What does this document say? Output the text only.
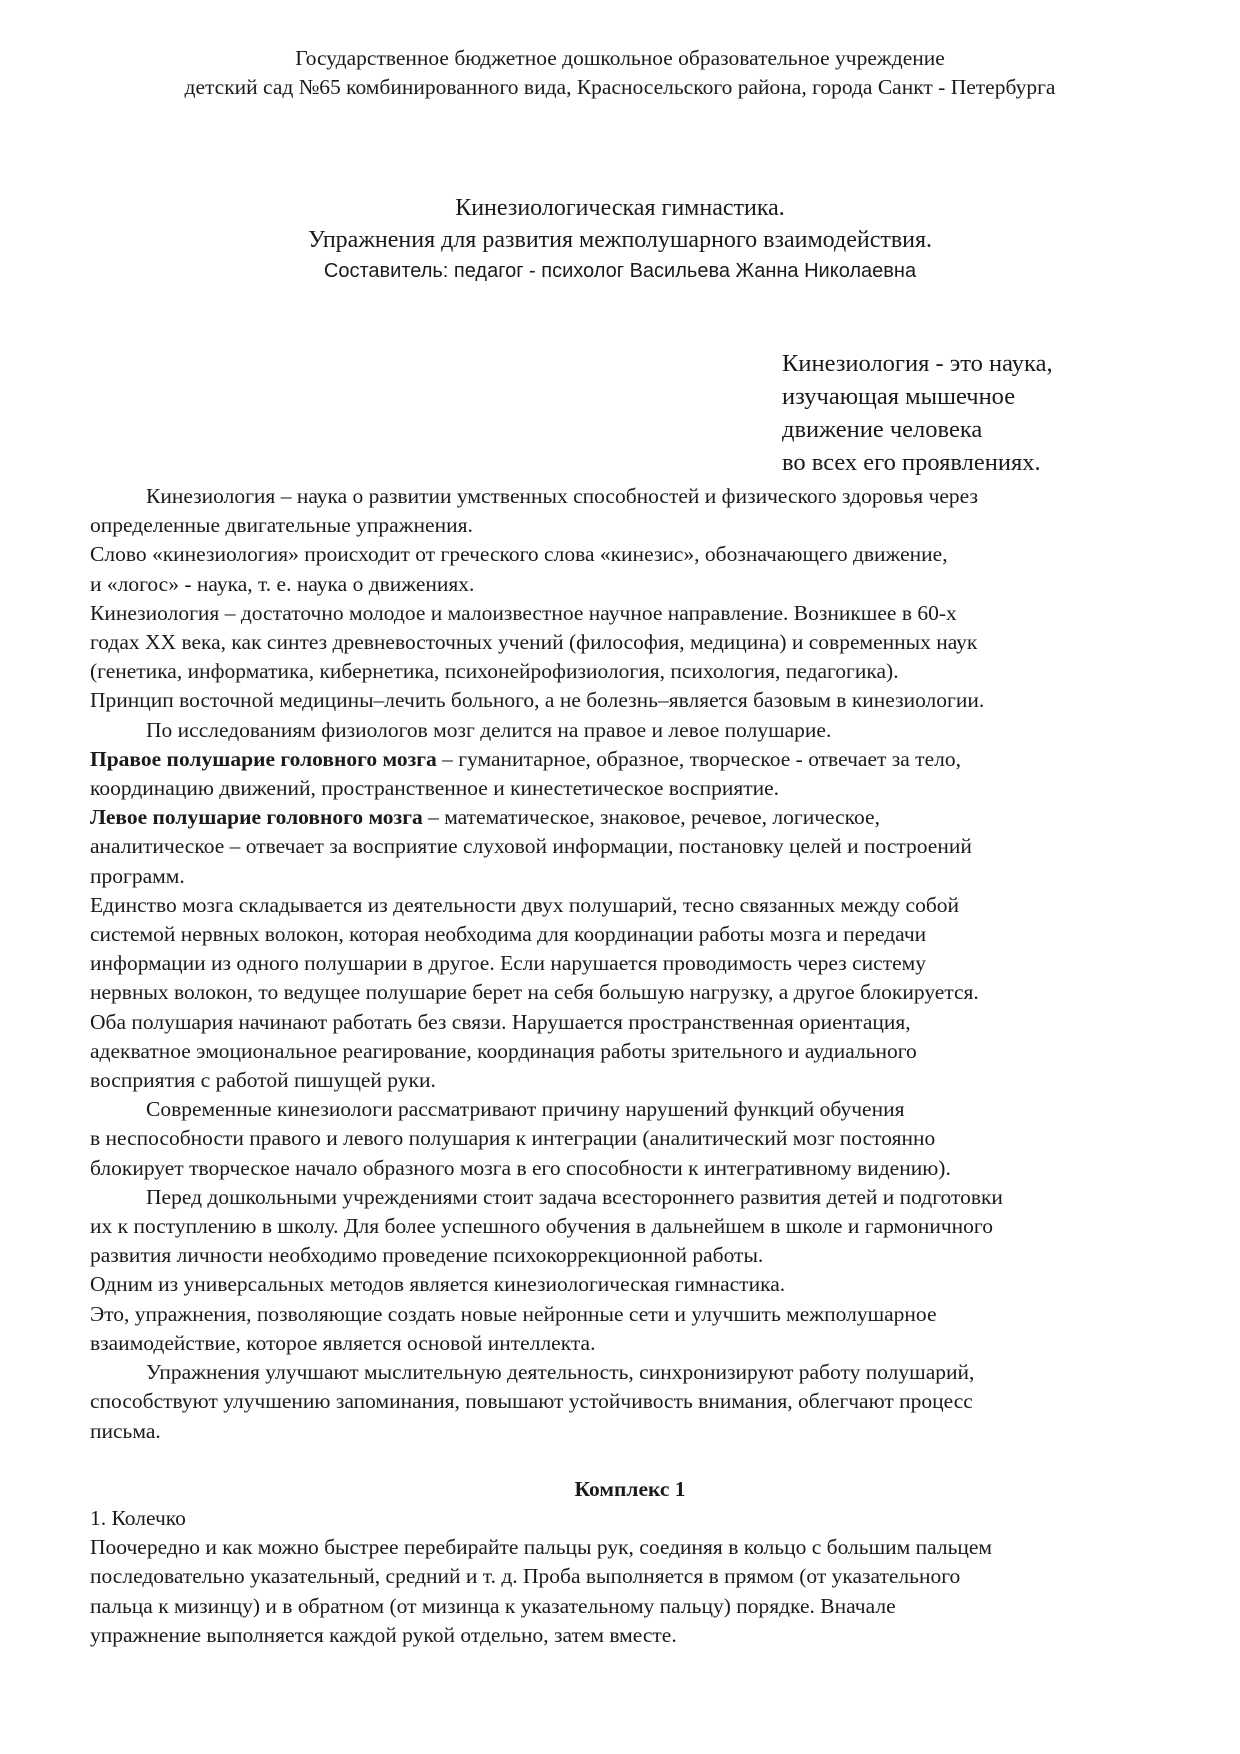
Государственное бюджетное дошкольное образовательное учреждение
детский сад №65 комбинированного вида, Красносельского района, города Санкт - Петербурга
Кинезиологическая гимнастика.
Упражнения для развития межполушарного взаимодействия.
Составитель: педагог - психолог Васильева Жанна Николаевна
Кинезиология - это наука,
изучающая мышечное
движение человека
во всех его проявлениях.

Кинезиология – наука о развитии умственных способностей и физического здоровья через

определенные двигательные упражнения.

Слово «кинезиология» происходит от греческого слова «кинезис», обозначающего движение,

и «логос» - наука, т. е. наука о движениях.

Кинезиология – достаточно молодое и малоизвестное научное направление. Возникшее в 60-х

годах XX века, как синтез древневосточных учений (философия, медицина) и современных наук

(генетика, информатика, кибернетика, психонейрофизиология, психология, педагогика).

Принцип восточной медицины–лечить больного, а не болезнь–является базовым в кинезиологии.

По исследованиям физиологов мозг делится на правое и левое полушарие.

Правое полушарие головного мозга – гуманитарное, образное, творческое - отвечает за тело,

координацию движений, пространственное и кинестетическое восприятие.

Левое полушарие головного мозга – математическое, знаковое, речевое, логическое,

аналитическое – отвечает за восприятие слуховой информации, постановку целей и построений

программ.

Единство мозга складывается из деятельности двух полушарий, тесно связанных между собой

системой нервных волокон, которая необходима для координации работы мозга и передачи

информации из одного полушарии в другое. Если нарушается проводимость через систему

нервных волокон, то ведущее полушарие берет на себя большую нагрузку, а другое блокируется.

Оба полушария начинают работать без связи. Нарушается пространственная ориентация,

адекватное эмоциональное реагирование, координация работы зрительного и аудиального

восприятия с работой пишущей руки.

Современные кинезиологи рассматривают причину нарушений функций обучения

в неспособности правого и левого полушария к интеграции (аналитический мозг постоянно

блокирует творческое начало образного мозга в его способности к интегративному видению).

Перед дошкольными учреждениями стоит задача всестороннего развития детей и подготовки

их к поступлению в школу. Для более успешного обучения в дальнейшем в школе и гармоничного

развития личности необходимо проведение психокоррекционной работы.

Одним из универсальных методов является кинезиологическая гимнастика.

Это, упражнения, позволяющие создать новые нейронные сети и улучшить межполушарное

взаимодействие, которое является основой интеллекта.

Упражнения улучшают мыслительную деятельность, синхронизируют работу полушарий,

способствуют улучшению запоминания, повышают устойчивость внимания, облегчают процесс

письма.

Комплекс 1

1. Колечко

Поочередно и как можно быстрее перебирайте пальцы рук, соединяя в кольцо с большим пальцем

последовательно указательный, средний и т. д. Проба выполняется в прямом (от указательного

пальца к мизинцу) и в обратном (от мизинца к указательному пальцу) порядке. Вначале

упражнение выполняется каждой рукой отдельно, затем вместе.
